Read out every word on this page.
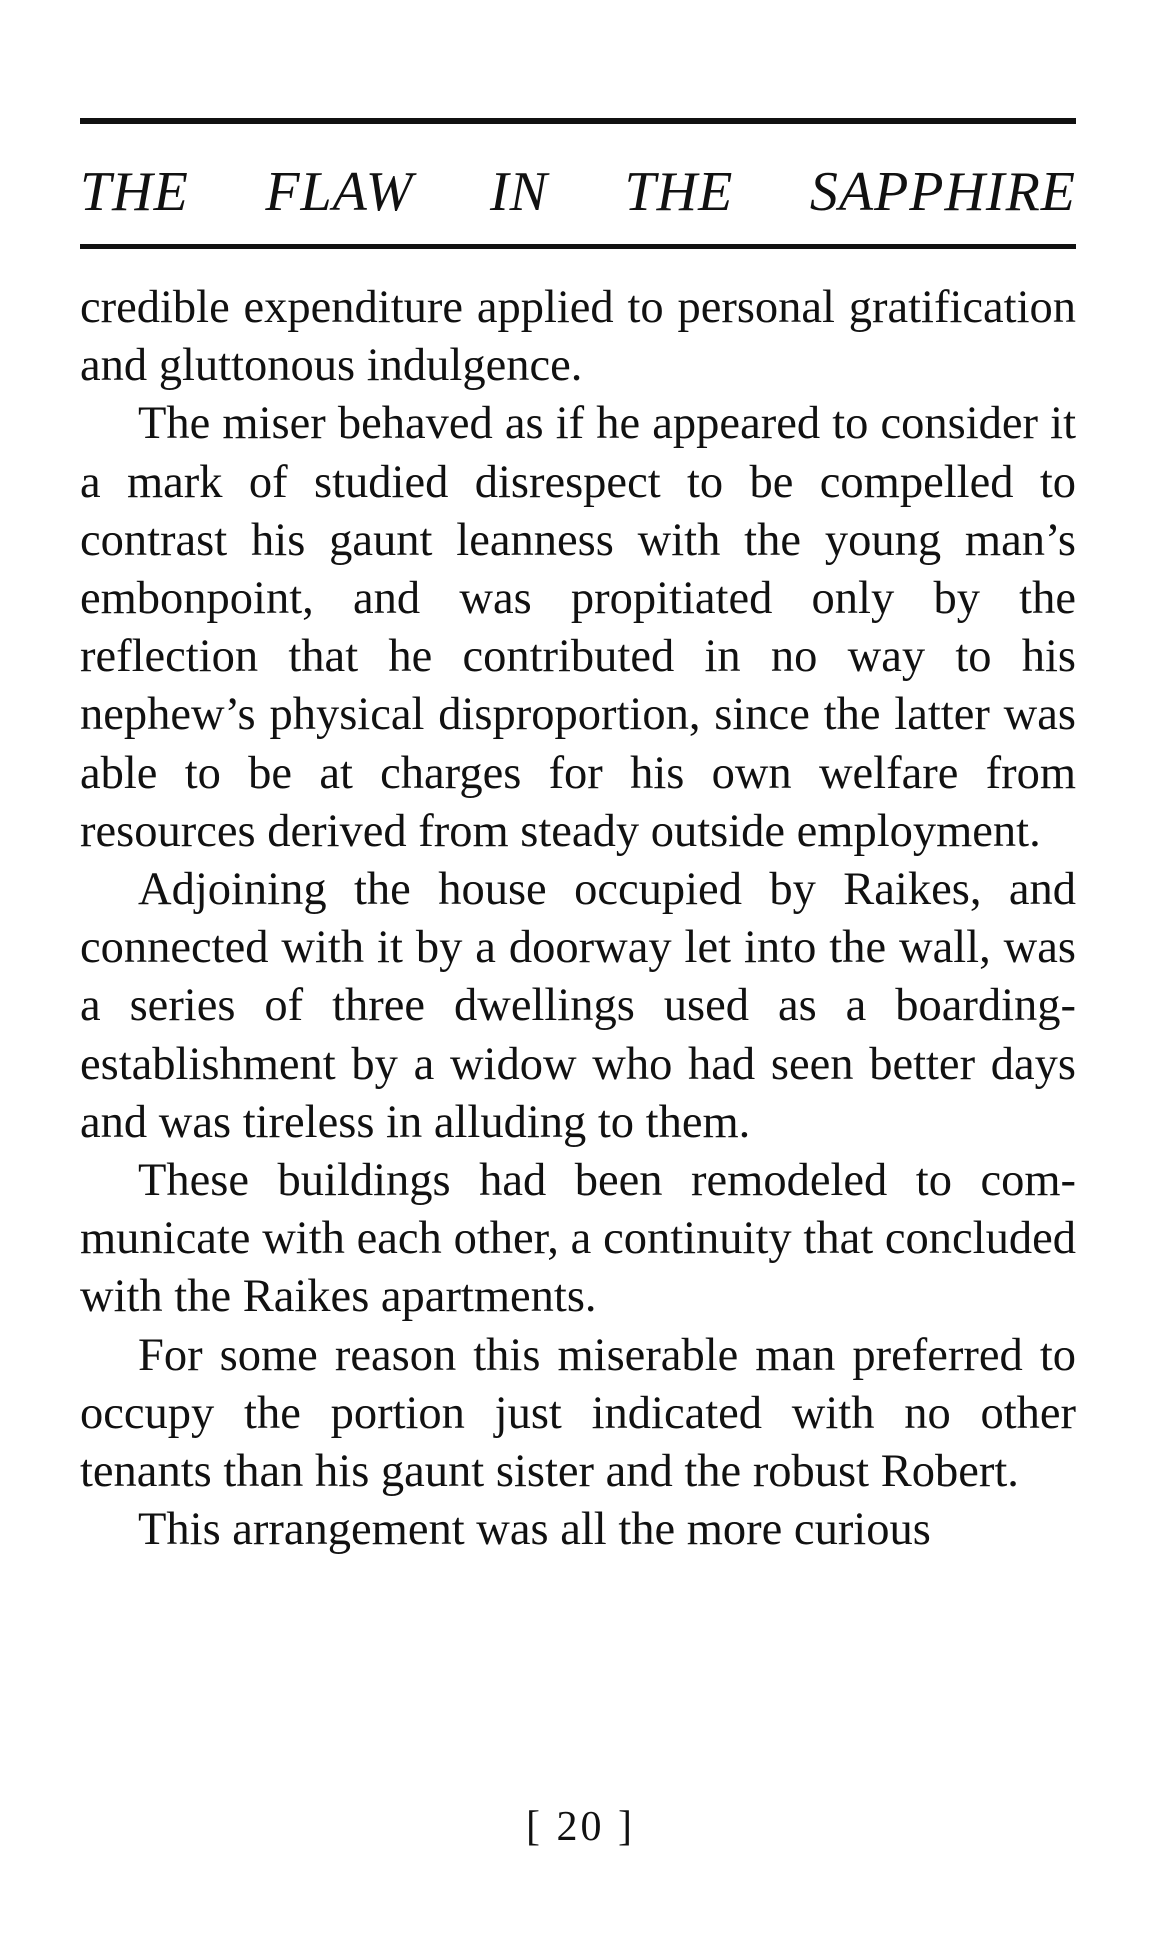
THE FLAW IN THE SAPPHIRE

credible expenditure applied to personal gratification and gluttonous indulgence.

The miser behaved as if he appeared to consider it a mark of studied disrespect to be compelled to contrast his gaunt leanness with the young man’s embonpoint, and was propitiated only by the reflection that he contributed in no way to his nephew’s physical disproportion, since the latter was able to be at charges for his own welfare from resources derived from steady outside employment.

Adjoining the house occupied by Raikes, and connected with it by a doorway let into the wall, was a series of three dwellings used as a boarding-establishment by a widow who had seen better days and was tireless in alluding to them.

These buildings had been remodeled to communicate with each other, a continuity that concluded with the Raikes apartments.

For some reason this miserable man preferred to occupy the portion just indicated with no other tenants than his gaunt sister and the robust Robert.

This arrangement was all the more curious

[ 20 ]
